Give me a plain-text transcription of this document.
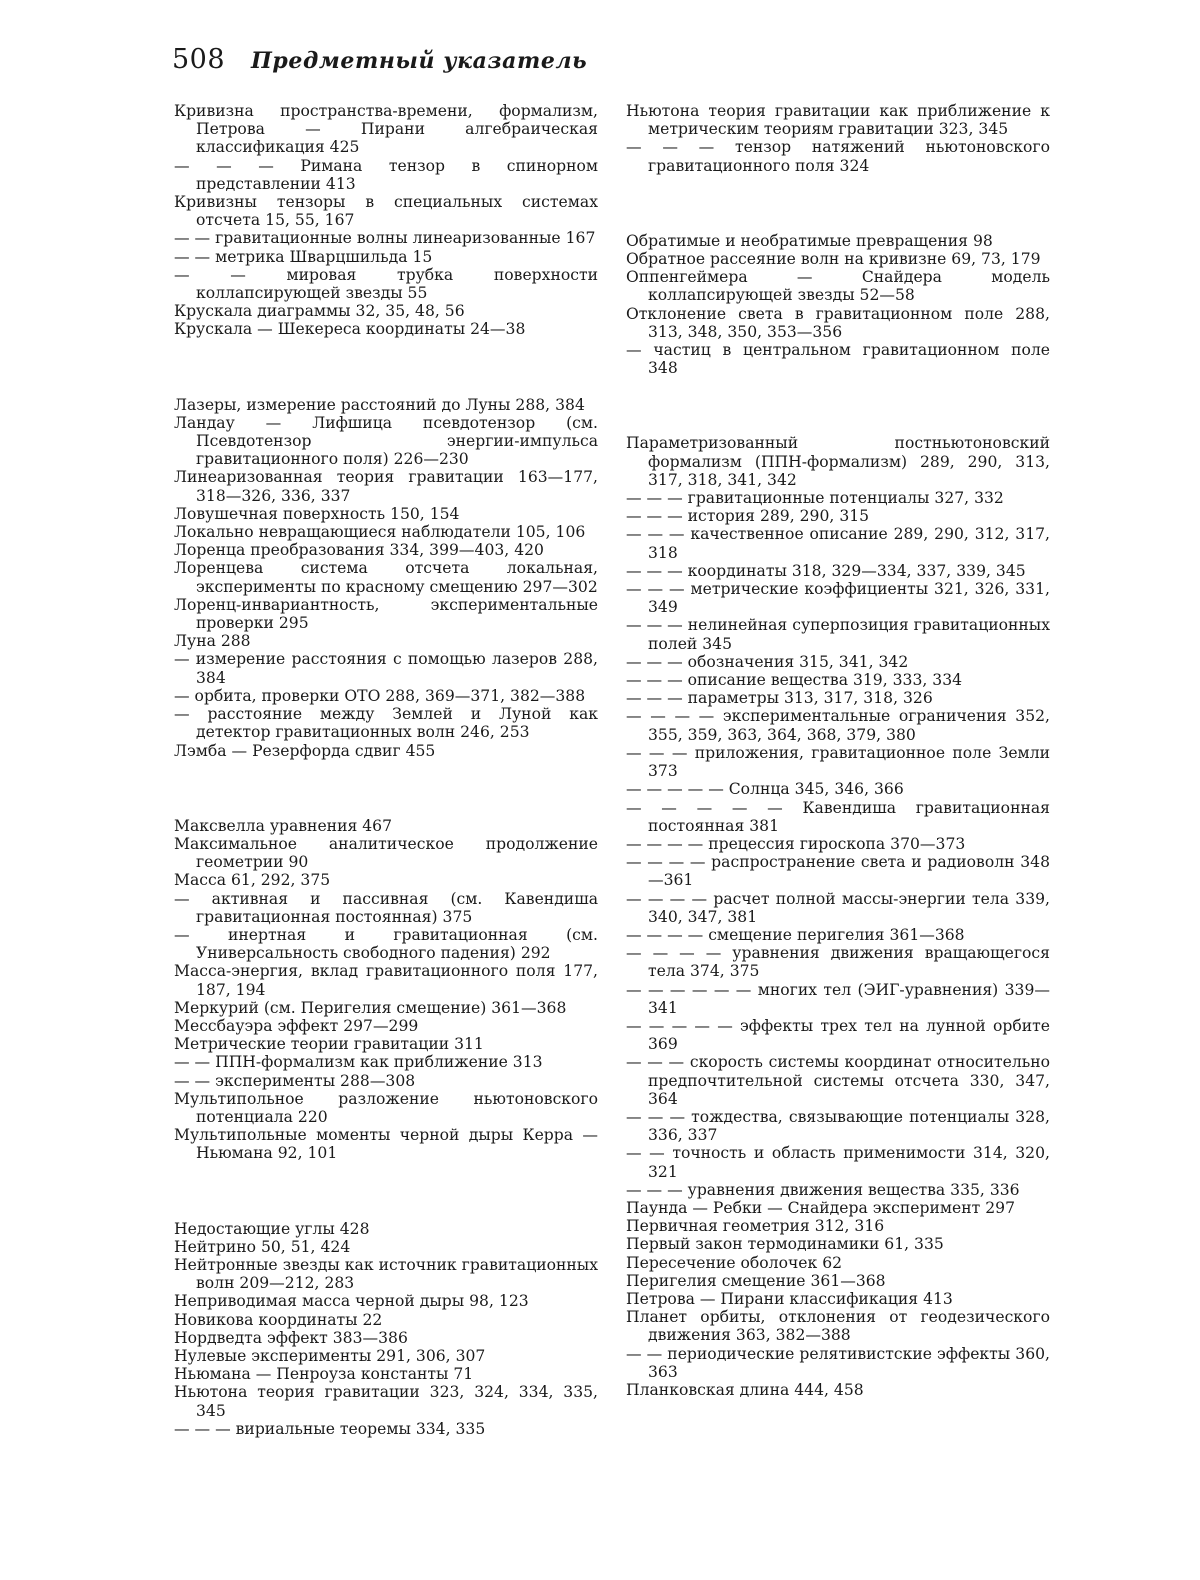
508 Предметный указатель

Кривизна пространства-времени, формализм, Петрова — Пирани алгебраическая классификация 425

— — — Римана тензор в спинорном представлении 413

Кривизны тензоры в специальных системах отсчета 15, 55, 167

— — гравитационные волны линеаризованные 167

— — метрика Шварцшильда 15

— — мировая трубка поверхности коллапсирующей звезды 55

Крускала диаграммы 32, 35, 48, 56

Крускала — Шекереса координаты 24—38

Лазеры, измерение расстояний до Луны 288, 384

Ландау — Лифшица псевдотензор (см. Псевдотензор энергии-импульса гравитационного поля) 226—230

Линеаризованная теория гравитации 163—177, 318—326, 336, 337

Ловушечная поверхность 150, 154

Локально невращающиеся наблюдатели 105, 106

Лоренца преобразования 334, 399—403, 420

Лоренцева система отсчета локальная, эксперименты по красному смещению 297—302

Лоренц-инвариантность, экспериментальные проверки 295

Луна 288

— измерение расстояния с помощью лазеров 288, 384

— орбита, проверки ОТО 288, 369—371, 382—388

— расстояние между Землей и Луной как детектор гравитационных волн 246, 253

Лэмба — Резерфорда сдвиг 455

Максвелла уравнения 467

Максимальное аналитическое продолжение геометрии 90

Масса 61, 292, 375

— активная и пассивная (см. Кавендиша гравитационная постоянная) 375

— инертная и гравитационная (см. Универсальность свободного падения) 292

Масса-энергия, вклад гравитационного поля 177, 187, 194

Меркурий (см. Перигелия смещение) 361—368

Мессбауэра эффект 297—299

Метрические теории гравитации 311

— — ППН-формализм как приближение 313

— — эксперименты 288—308

Мультипольное разложение ньютоновского потенциала 220

Мультипольные моменты черной дыры Керра — Ньюмана 92, 101

Недостающие углы 428

Нейтрино 50, 51, 424

Нейтронные звезды как источник гравитационных волн 209—212, 283

Неприводимая масса черной дыры 98, 123

Новикова координаты 22

Нордведта эффект 383—386

Нулевые эксперименты 291, 306, 307

Ньюмана — Пенроуза константы 71

Ньютона теория гравитации 323, 324, 334, 335, 345

— — — вириальные теоремы 334, 335

Ньютона теория гравитации как приближение к метрическим теориям гравитации 323, 345

— — — тензор натяжений ньютоновского гравитационного поля 324

Обратимые и необратимые превращения 98

Обратное рассеяние волн на кривизне 69, 73, 179

Оппенгеймера — Снайдера модель коллапсирующей звезды 52—58

Отклонение света в гравитационном поле 288, 313, 348, 350, 353—356

— частиц в центральном гравитационном поле 348

Параметризованный постньютоновский формализм (ППН-формализм) 289, 290, 313, 317, 318, 341, 342

— — — гравитационные потенциалы 327, 332

— — — история 289, 290, 315

— — — качественное описание 289, 290, 312, 317, 318

— — — координаты 318, 329—334, 337, 339, 345

— — — метрические коэффициенты 321, 326, 331, 349

— — — нелинейная суперпозиция гравитационных полей 345

— — — обозначения 315, 341, 342

— — — описание вещества 319, 333, 334

— — — параметры 313, 317, 318, 326

— — — — экспериментальные ограничения 352, 355, 359, 363, 364, 368, 379, 380

— — — приложения, гравитационное поле Земли 373

— — — — — Солнца 345, 346, 366

— — — — — Кавендиша гравитационная постоянная 381

— — — — прецессия гироскопа 370—373

— — — — распространение света и радиоволн 348—361

— — — — расчет полной массы-энергии тела 339, 340, 347, 381

— — — — смещение перигелия 361—368

— — — — уравнения движения вращающегося тела 374, 375

— — — — — — многих тел (ЭИГ-уравнения) 339—341

— — — — — эффекты трех тел на лунной орбите 369

— — — скорость системы координат относительно предпочтительной системы отсчета 330, 347, 364

— — — тождества, связывающие потенциалы 328, 336, 337

— — точность и область применимости 314, 320, 321

— — — уравнения движения вещества 335, 336

Паунда — Ребки — Снайдера эксперимент 297

Первичная геометрия 312, 316

Первый закон термодинамики 61, 335

Пересечение оболочек 62

Перигелия смещение 361—368

Петрова — Пирани классификация 413

Планет орбиты, отклонения от геодезического движения 363, 382—388

— — периодические релятивистские эффекты 360, 363

Планковская длина 444, 458
